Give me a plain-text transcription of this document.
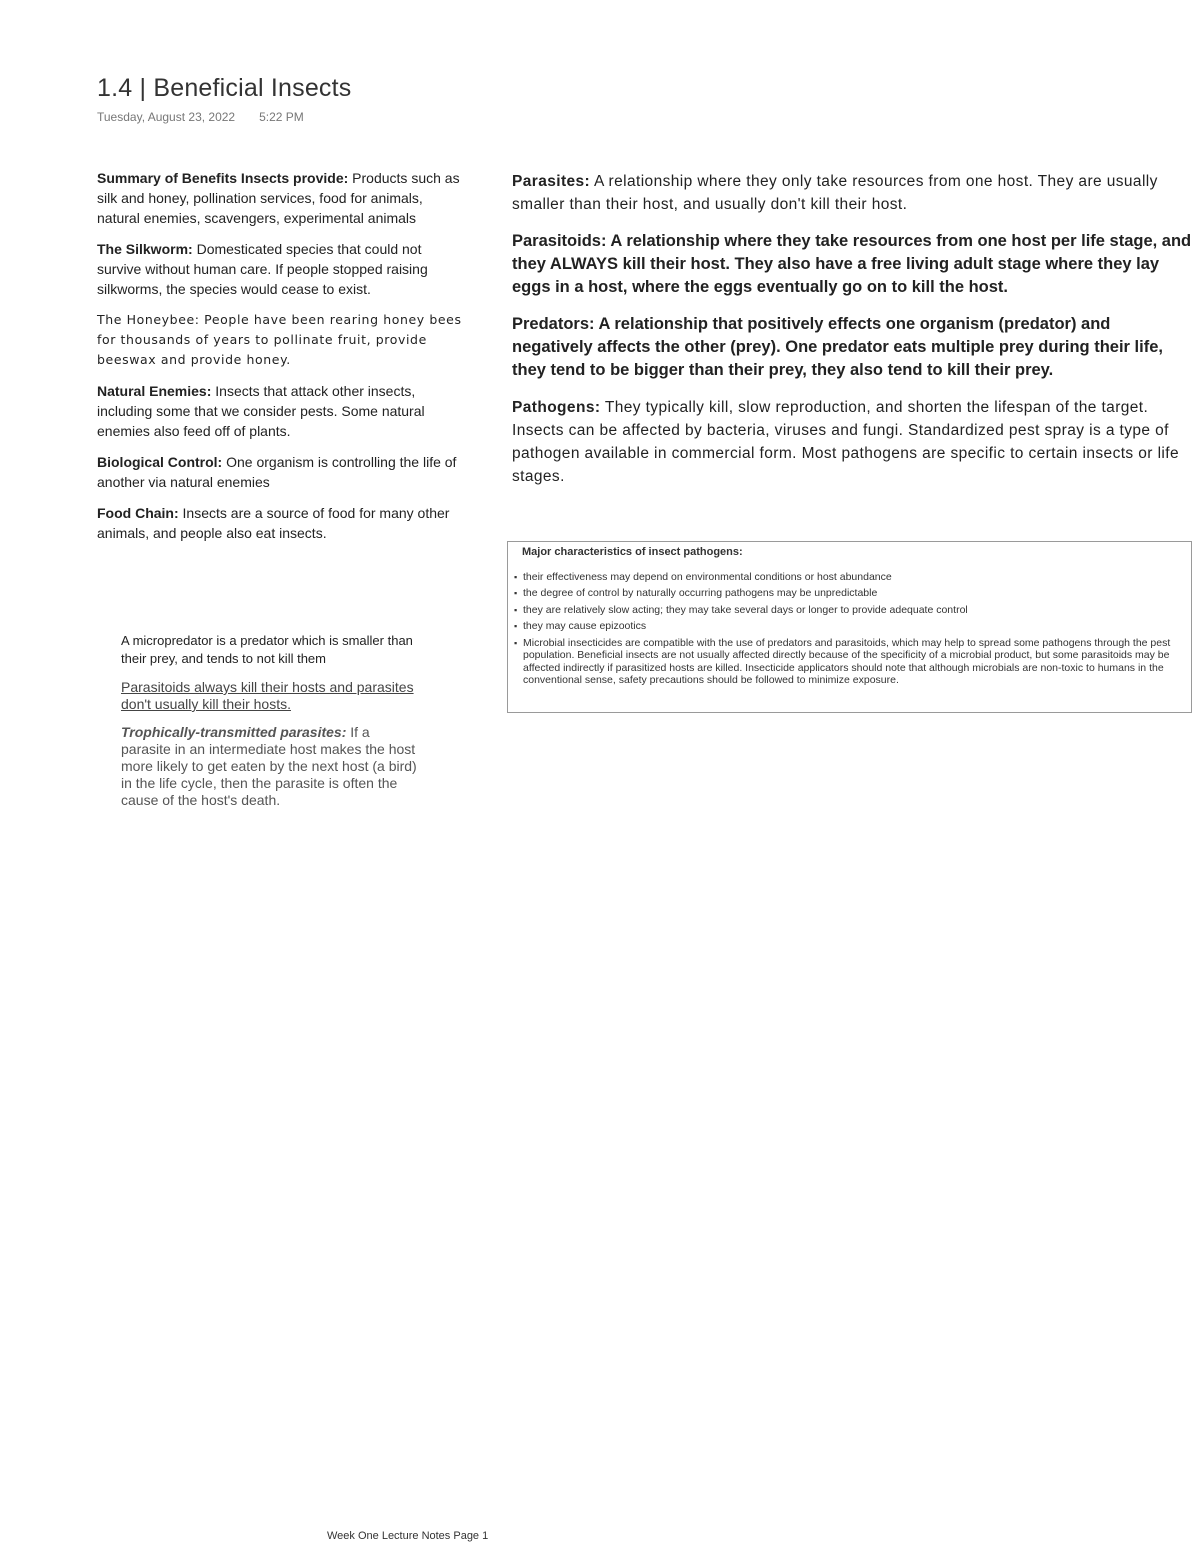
1.4 | Beneficial Insects
Tuesday, August 23, 2022 5:22 PM

Summary of Benefits Insects provide: Products such as silk and honey, pollination services, food for animals, natural enemies, scavengers, experimental animals

The Silkworm: Domesticated species that could not survive without human care. If people stopped raising silkworms, the species would cease to exist.

The Honeybee: People have been rearing honey bees for thousands of years to pollinate fruit, provide beeswax and provide honey.

Natural Enemies: Insects that attack other insects, including some that we consider pests. Some natural enemies also feed off of plants.

Biological Control: One organism is controlling the life of another via natural enemies

Food Chain: Insects are a source of food for many other animals, and people also eat insects.

A micropredator is a predator which is smaller than their prey, and tends to not kill them

Parasitoids always kill their hosts and parasites don't usually kill their hosts.

Trophically-transmitted parasites: If a parasite in an intermediate host makes the host more likely to get eaten by the next host (a bird) in the life cycle, then the parasite is often the cause of the host's death.

Parasites: A relationship where they only take resources from one host. They are usually smaller than their host, and usually don't kill their host.

Parasitoids: A relationship where they take resources from one host per life stage, and they ALWAYS kill their host. They also have a free living adult stage where they lay eggs in a host, where the eggs eventually go on to kill the host.

Predators: A relationship that positively effects one organism (predator) and negatively affects the other (prey). One predator eats multiple prey during their life, they tend to be bigger than their prey, they also tend to kill their prey.

Pathogens: They typically kill, slow reproduction, and shorten the lifespan of the target. Insects can be affected by bacteria, viruses and fungi. Standardized pest spray is a type of pathogen available in commercial form. Most pathogens are specific to certain insects or life stages.

Major characteristics of insect pathogens:
▪ their effectiveness may depend on environmental conditions or host abundance
▪ the degree of control by naturally occurring pathogens may be unpredictable
▪ they are relatively slow acting; they may take several days or longer to provide adequate control
▪ they may cause epizootics
▪ Microbial insecticides are compatible with the use of predators and parasitoids, which may help to spread some pathogens through the pest population. Beneficial insects are not usually affected directly because of the specificity of a microbial product, but some parasitoids may be affected indirectly if parasitized hosts are killed. Insecticide applicators should note that although microbials are non-toxic to humans in the conventional sense, safety precautions should be followed to minimize exposure.
Week One Lecture Notes Page 1
